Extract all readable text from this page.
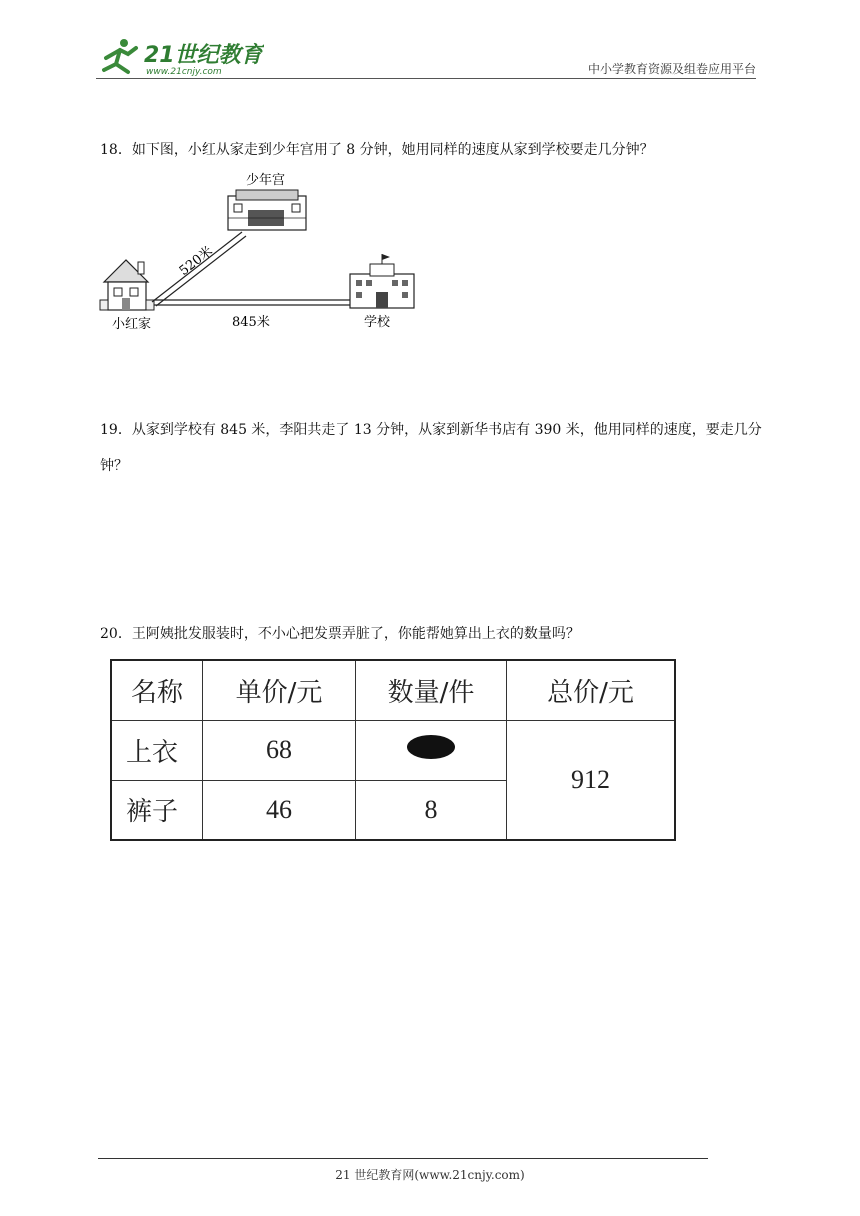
21世纪教育
www.21cnjy.com	中小学教育资源及组卷应用平台
18．如下图，小红从家走到少年宫用了 8 分钟，她用同样的速度从家到学校要走几分钟？
少年宫
小红家	学校
520米
845米
19．从家到学校有 845 米，李阳共走了 13 分钟，从家到新华书店有 390 米，他用同样的速度，要走几分钟？
20．王阿姨批发服装时，不小心把发票弄脏了，你能帮她算出上衣的数量吗？
名称	单价/元	数量/件	总价/元
上衣	68		912
裤子	46	8	
21 世纪教育网(www.21cnjy.com)
